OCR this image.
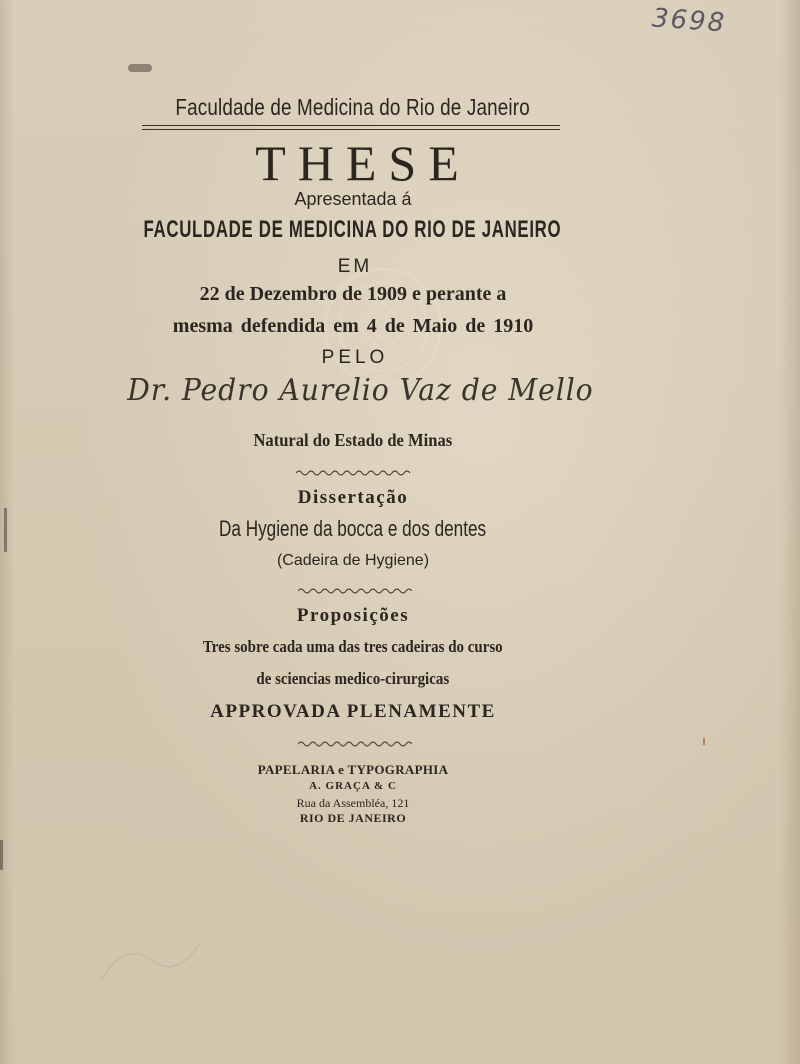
3698
Faculdade de Medicina do Rio de Janeiro
THESE
Apresentada á
FACULDADE DE MEDICINA DO RIO DE JANEIRO
EM
22 de Dezembro de 1909 e perante a
mesma defendida em 4 de Maio de 1910
PELO
Dr. Pedro Aurelio Vaz de Mello
Natural do Estado de Minas
Dissertação
Da Hygiene da bocca e dos dentes
(Cadeira de Hygiene)
Proposições
Tres sobre cada uma das tres cadeiras do curso
de sciencias medico-cirurgicas
APPROVADA PLENAMENTE
PAPELARIA e TYPOGRAPHIA
A. GRAÇA & C
Rua da Assembléa, 121
RIO DE JANEIRO
